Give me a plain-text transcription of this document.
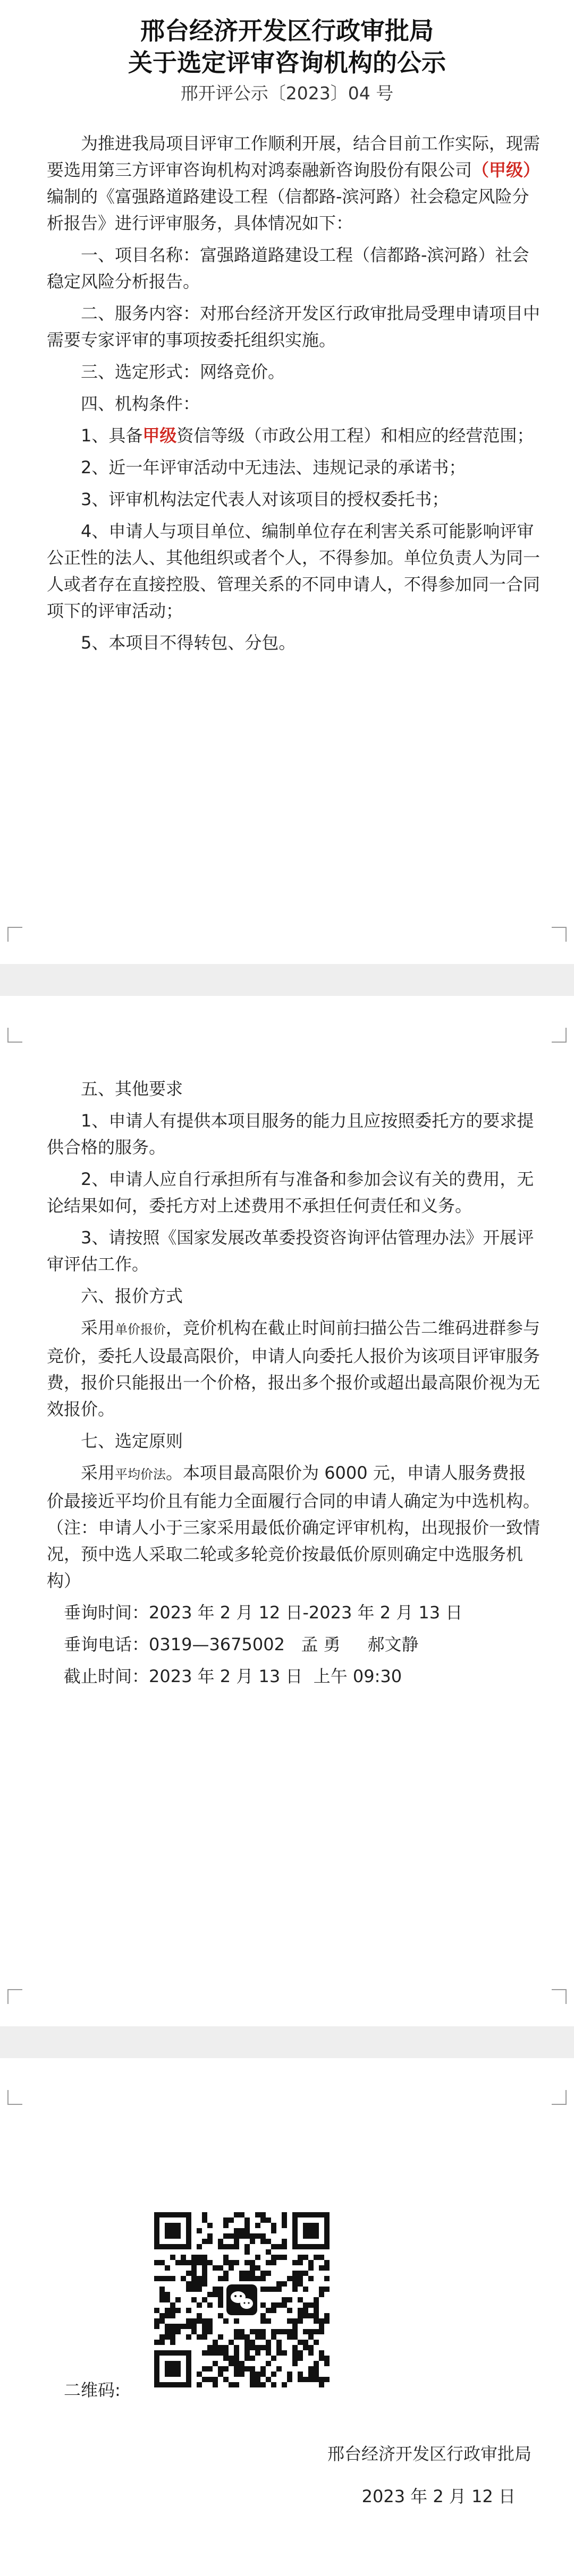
邢台经济开发区行政审批局
关于选定评审咨询机构的公示
邢开评公示〔2023〕04 号

为推进我局项目评审工作顺利开展，结合目前工作实际，现需要选用第三方评审咨询机构对鸿泰融新咨询股份有限公司（甲级）编制的《富强路道路建设工程（信都路-滨河路）社会稳定风险分析报告》进行评审服务，具体情况如下：

一、项目名称：富强路道路建设工程（信都路-滨河路）社会稳定风险分析报告。

二、服务内容：对邢台经济开发区行政审批局受理申请项目中需要专家评审的事项按委托组织实施。

三、选定形式：网络竞价。

四、机构条件：

1、具备甲级资信等级（市政公用工程）和相应的经营范围；

2、近一年评审活动中无违法、违规记录的承诺书；

3、评审机构法定代表人对该项目的授权委托书；

4、申请人与项目单位、编制单位存在利害关系可能影响评审公正性的法人、其他组织或者个人，不得参加。单位负责人为同一人或者存在直接控股、管理关系的不同申请人，不得参加同一合同项下的评审活动；

5、本项目不得转包、分包。

五、其他要求

1、申请人有提供本项目服务的能力且应按照委托方的要求提供合格的服务。

2、申请人应自行承担所有与准备和参加会议有关的费用，无论结果如何，委托方对上述费用不承担任何责任和义务。

3、请按照《国家发展改革委投资咨询评估管理办法》开展评审评估工作。

六、报价方式

采用单价报价，竞价机构在截止时间前扫描公告二维码进群参与竞价，委托人设最高限价，申请人向委托人报价为该项目评审服务费，报价只能报出一个价格，报出多个报价或超出最高限价视为无效报价。

七、选定原则

采用平均价法。本项目最高限价为 6000 元，申请人服务费报价最接近平均价且有能力全面履行合同的申请人确定为中选机构。（注：申请人小于三家采用最低价确定评审机构，出现报价一致情况，预中选人采取二轮或多轮竞价按最低价原则确定中选服务机构）

垂询时间：2023 年 2 月 12 日-2023 年 2 月 13 日

垂询电话：0319—3675002   孟 勇     郝文静

截止时间：2023 年 2 月 13 日  上午 09:30

二维码:
邢台经济开发区行政审批局
2023 年 2 月 12 日
